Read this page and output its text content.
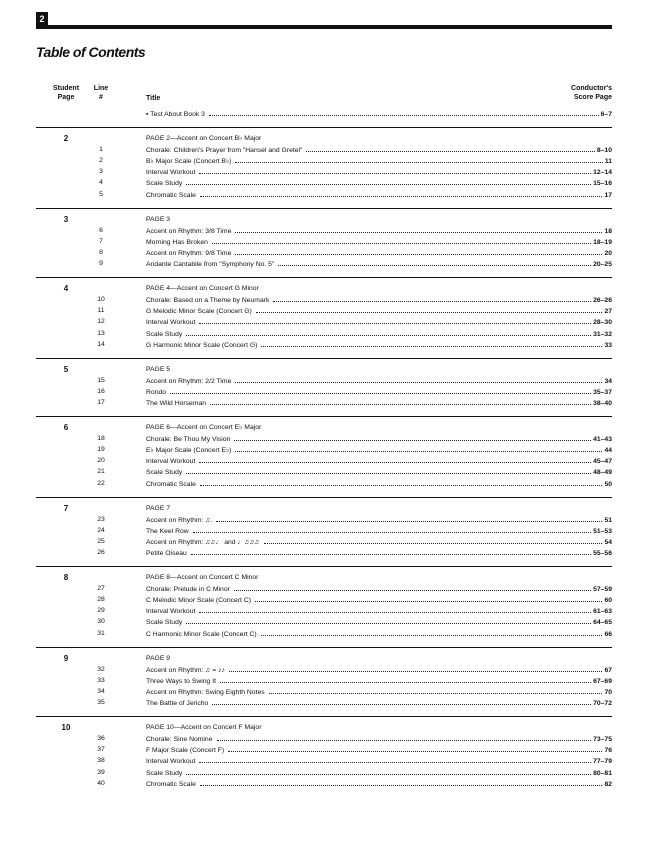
2
Table of Contents
Student
Page
Line
#	Title
Conductor's
Score Page
▪ Test About Book 3	6–7
2	PAGE 2—Accent on Concert B♭ Major
1	Chorale: Children's Prayer from "Hansel and Gretel"	8–10
2	B♭ Major Scale (Concert B♭)	11
3	Interval Workout	12–14
4	Scale Study	15–16
5	Chromatic Scale	17
3	PAGE 3
6	Accent on Rhythm: 3/8 Time	18
7	Morning Has Broken	18–19
8	Accent on Rhythm: 9/8 Time	20
9	Andante Cantabile from "Symphony No. 5"	20–25
4	PAGE 4—Accent on Concert G Minor
10	Chorale: Based on a Theme by Neumark	26–26
11	G Melodic Minor Scale (Concert G)	27
12	Interval Workout	28–30
13	Scale Study	31–32
14	G Harmonic Minor Scale (Concert G)	33
5	PAGE 5
15	Accent on Rhythm: 2/2 Time	34
16	Rondo	35–37
17	The Wild Horseman	38–40
6	PAGE 6—Accent on Concert E♭ Major
18	Chorale: Be Thou My Vision	41–43
19	E♭ Major Scale (Concert E♭)	44
20	Interval Workout	45–47
21	Scale Study	48–49
22	Chromatic Scale	50
7	PAGE 7
23	Accent on Rhythm: ♫.	51
24	The Keel Row	51–53
25	Accent on Rhythm: ♫♫♩ and ♩♫♫♫	54
26	Petite Oiseau	55–56
8	PAGE 8—Accent on Concert C Minor
27	Chorale: Prelude in C Minor	57–59
28	C Melodic Minor Scale (Concert C)	60
29	Interval Workout	61–63
30	Scale Study	64–65
31	C Harmonic Minor Scale (Concert C)	66
9	PAGE 9
32	Accent on Rhythm: ♫ = ♪♪	67
33	Three Ways to Swing It	67–69
34	Accent on Rhythm: Swing Eighth Notes	70
35	The Battle of Jericho	70–72
10	PAGE 10—Accent on Concert F Major
36	Chorale: Sine Nomine	73–75
37	F Major Scale (Concert F)	76
38	Interval Workout	77–79
39	Scale Study	80–81
40	Chromatic Scale	82
